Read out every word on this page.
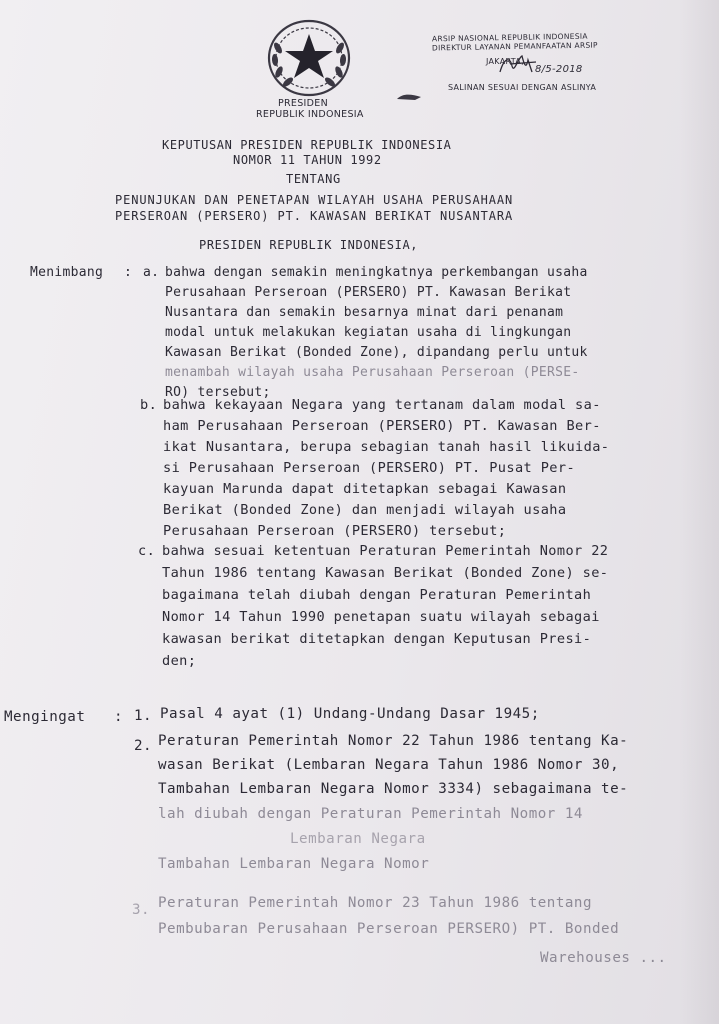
PRESIDEN
REPUBLIK INDONESIA
ARSIP NASIONAL REPUBLIK INDONESIA
DIREKTUR LAYANAN PEMANFAATAN ARSIP
JAKARTA,
8/5-2018
SALINAN SESUAI DENGAN ASLINYA
KEPUTUSAN PRESIDEN REPUBLIK INDONESIA
NOMOR 11 TAHUN 1992
TENTANG
PENUNJUKAN DAN PENETAPAN WILAYAH USAHA PERUSAHAAN
PERSEROAN (PERSERO) PT. KAWASAN BERIKAT NUSANTARA
PRESIDEN REPUBLIK INDONESIA,
Menimbang : a. bahwa dengan semakin meningkatnya perkembangan usaha
Perusahaan Perseroan (PERSERO) PT. Kawasan Berikat
Nusantara dan semakin besarnya minat dari penanam
modal untuk melakukan kegiatan usaha di lingkungan
Kawasan Berikat (Bonded Zone), dipandang perlu untuk
menambah wilayah usaha Perusahaan Perseroan (PERSE-
RO) tersebut;
b. bahwa kekayaan Negara yang tertanam dalam modal sa-
ham Perusahaan Perseroan (PERSERO) PT. Kawasan Ber-
ikat Nusantara, berupa sebagian tanah hasil likuida-
si Perusahaan Perseroan (PERSERO) PT. Pusat Per-
kayuan Marunda dapat ditetapkan sebagai Kawasan
Berikat (Bonded Zone) dan menjadi wilayah usaha
Perusahaan Perseroan (PERSERO) tersebut;
c. bahwa sesuai ketentuan Peraturan Pemerintah Nomor 22
Tahun 1986 tentang Kawasan Berikat (Bonded Zone) se-
bagaimana telah diubah dengan Peraturan Pemerintah
Nomor 14 Tahun 1990 penetapan suatu wilayah sebagai
kawasan berikat ditetapkan dengan Keputusan Presi-
den;
Mengingat : 1. Pasal 4 ayat (1) Undang-Undang Dasar 1945;
2. Peraturan Pemerintah Nomor 22 Tahun 1986 tentang Ka-
wasan Berikat (Lembaran Negara Tahun 1986 Nomor 30,
Tambahan Lembaran Negara Nomor 3334) sebagaimana te-
lah diubah dengan Peraturan Pemerintah Nomor 14
Lembaran Negara
Tambahan Lembaran Negara Nomor
3. Peraturan Pemerintah Nomor 23 Tahun 1986 tentang
Pembubaran Perusahaan Perseroan PERSERO) PT. Bonded
Warehouses ...
